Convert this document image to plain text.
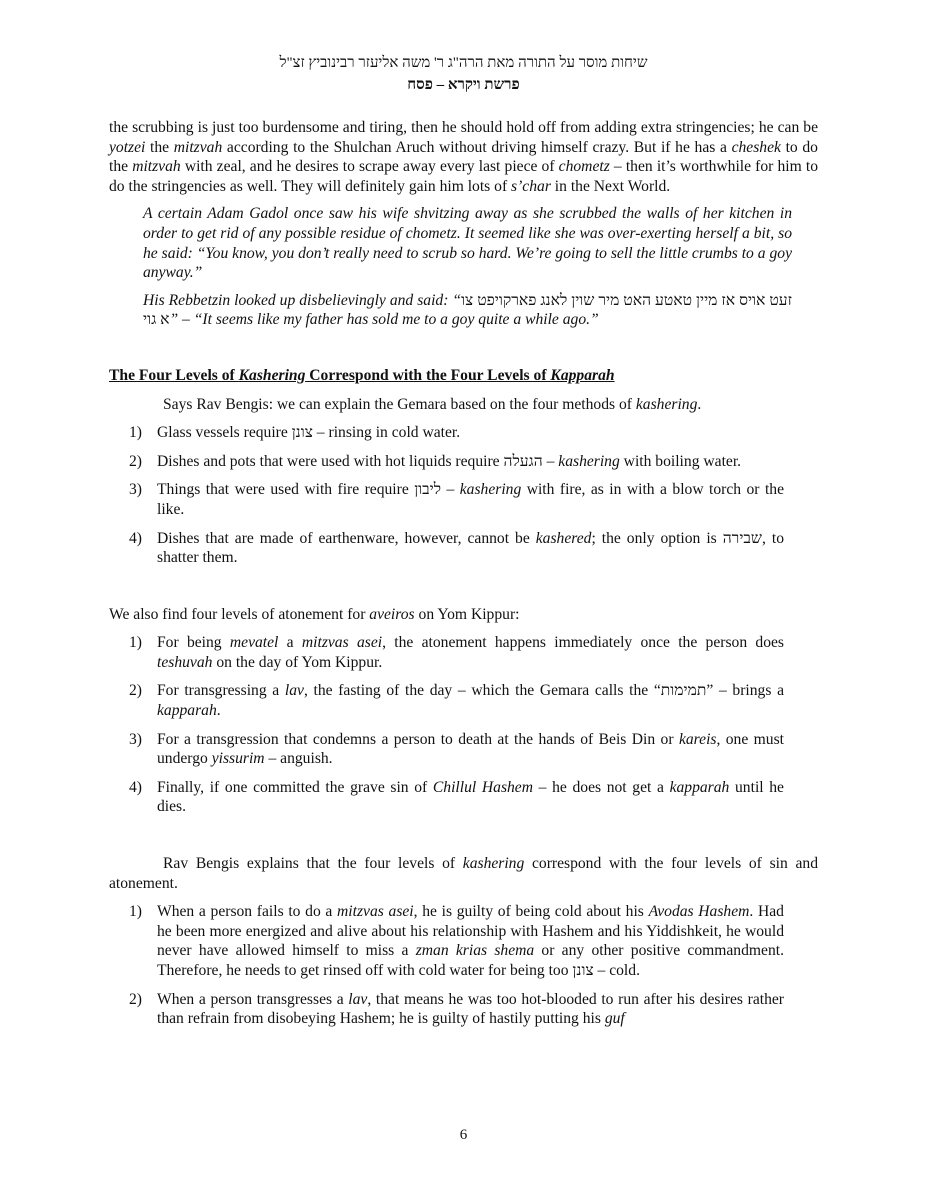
שיחות מוסר על התורה מאת הרה"ג ר' משה אליעזר רבינוביץ זצ"ל
פרשת ויקרא – פסח

the scrubbing is just too burdensome and tiring, then he should hold off from adding extra stringencies; he can be yotzei the mitzvah according to the Shulchan Aruch without driving himself crazy. But if he has a cheshek to do the mitzvah with zeal, and he desires to scrape away every last piece of chometz – then it’s worthwhile for him to do the stringencies as well. They will definitely gain him lots of s’char in the Next World.

A certain Adam Gadol once saw his wife shvitzing away as she scrubbed the walls of her kitchen in order to get rid of any possible residue of chometz. It seemed like she was over-exerting herself a bit, so he said: “You know, you don’t really need to scrub so hard. We’re going to sell the little crumbs to a goy anyway.”

His Rebbetzin looked up disbelievingly and said: “זעט אויס אז מיין טאטע האט מיר שוין לאנג פארקויפט צו א גוי” – “It seems like my father has sold me to a goy quite a while ago.”

The Four Levels of Kashering Correspond with the Four Levels of Kapparah

Says Rav Bengis: we can explain the Gemara based on the four methods of kashering.

1) Glass vessels require צונן – rinsing in cold water.
2) Dishes and pots that were used with hot liquids require הגעלה – kashering with boiling water.
3) Things that were used with fire require ליבון – kashering with fire, as in with a blow torch or the like.
4) Dishes that are made of earthenware, however, cannot be kashered; the only option is שבירה, to shatter them.

We also find four levels of atonement for aveiros on Yom Kippur:

1) For being mevatel a mitzvas asei, the atonement happens immediately once the person does teshuvah on the day of Yom Kippur.
2) For transgressing a lav, the fasting of the day – which the Gemara calls the “תמימות” – brings a kapparah.
3) For a transgression that condemns a person to death at the hands of Beis Din or kareis, one must undergo yissurim – anguish.
4) Finally, if one committed the grave sin of Chillul Hashem – he does not get a kapparah until he dies.

Rav Bengis explains that the four levels of kashering correspond with the four levels of sin and atonement.

1) When a person fails to do a mitzvas asei, he is guilty of being cold about his Avodas Hashem. Had he been more energized and alive about his relationship with Hashem and his Yiddishkeit, he would never have allowed himself to miss a zman krias shema or any other positive commandment. Therefore, he needs to get rinsed off with cold water for being too צונן – cold.
2) When a person transgresses a lav, that means he was too hot-blooded to run after his desires rather than refrain from disobeying Hashem; he is guilty of hastily putting his guf
6
